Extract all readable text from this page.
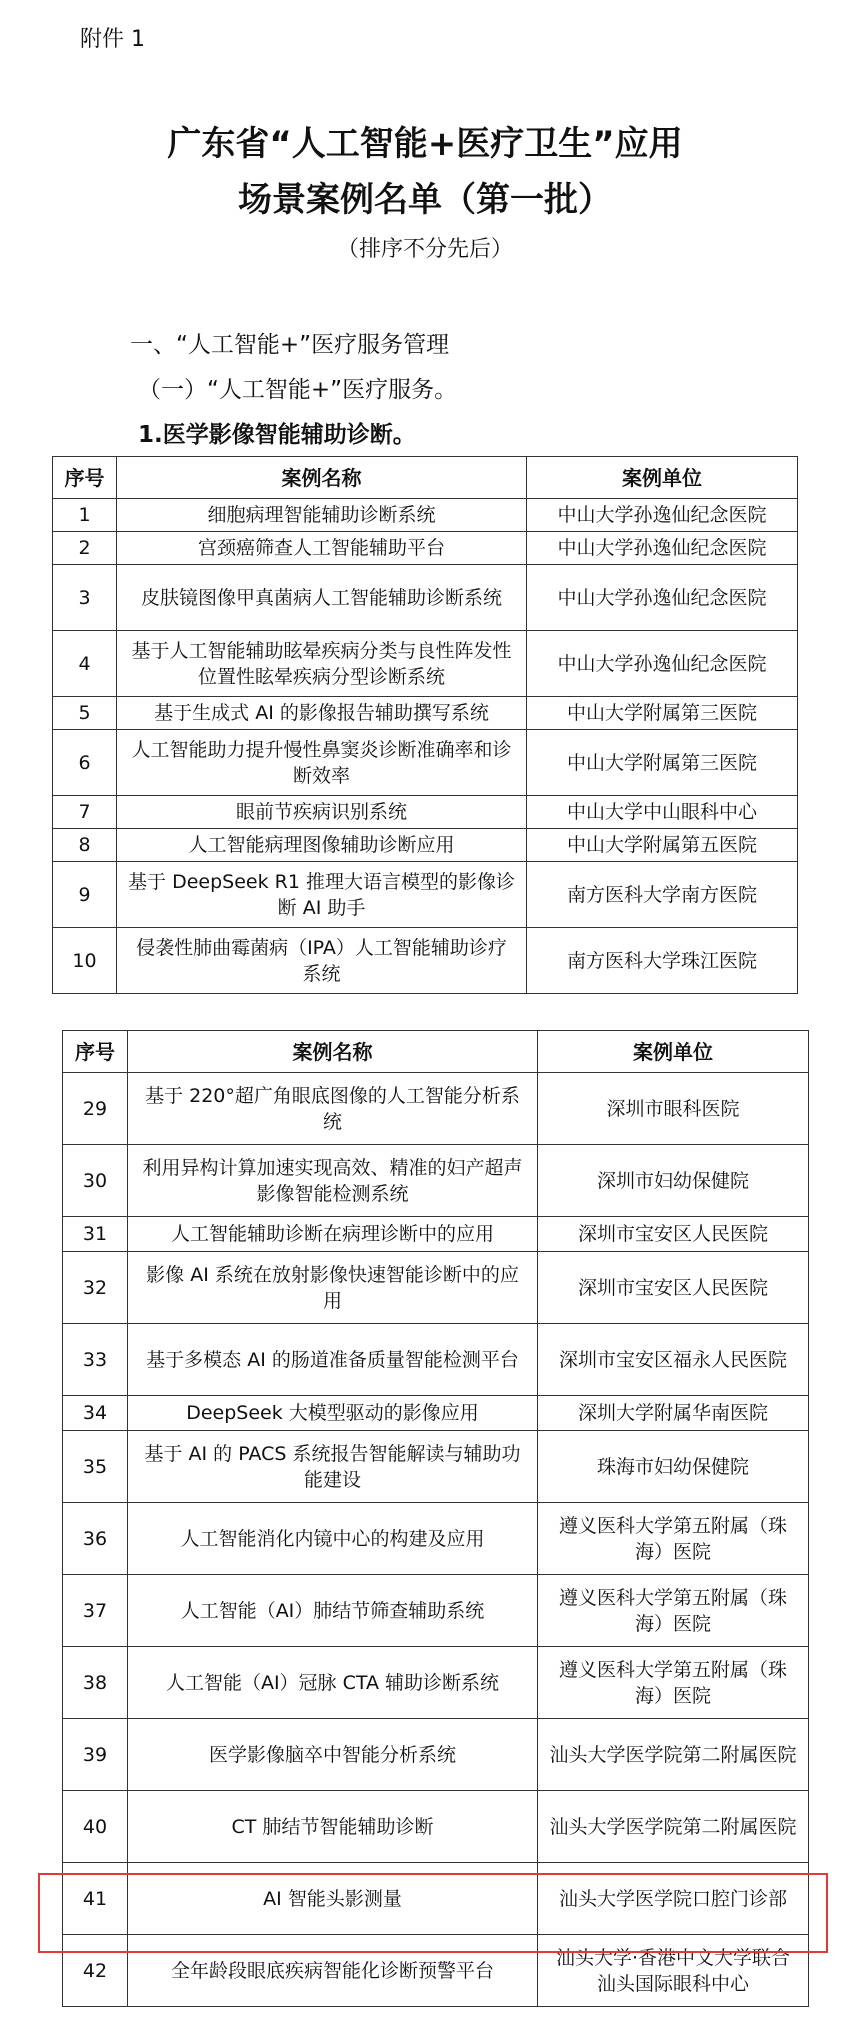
附件 1
广东省“人工智能+医疗卫生”应用
场景案例名单（第一批）
（排序不分先后）
一、“人工智能+”医疗服务管理
（一）“人工智能+”医疗服务。
1.医学影像智能辅助诊断。
序号	案例名称	案例单位
1	细胞病理智能辅助诊断系统	中山大学孙逸仙纪念医院
2	宫颈癌筛查人工智能辅助平台	中山大学孙逸仙纪念医院
3	皮肤镜图像甲真菌病人工智能辅助诊断系统	中山大学孙逸仙纪念医院
4	基于人工智能辅助眩晕疾病分类与良性阵发性位置性眩晕疾病分型诊断系统	中山大学孙逸仙纪念医院
5	基于生成式 AI 的影像报告辅助撰写系统	中山大学附属第三医院
6	人工智能助力提升慢性鼻窦炎诊断准确率和诊断效率	中山大学附属第三医院
7	眼前节疾病识别系统	中山大学中山眼科中心
8	人工智能病理图像辅助诊断应用	中山大学附属第五医院
9	基于 DeepSeek R1 推理大语言模型的影像诊断 AI 助手	南方医科大学南方医院
10	侵袭性肺曲霉菌病（IPA）人工智能辅助诊疗系统	南方医科大学珠江医院
序号	案例名称	案例单位
29	基于 220°超广角眼底图像的人工智能分析系统	深圳市眼科医院
30	利用异构计算加速实现高效、精准的妇产超声影像智能检测系统	深圳市妇幼保健院
31	人工智能辅助诊断在病理诊断中的应用	深圳市宝安区人民医院
32	影像 AI 系统在放射影像快速智能诊断中的应用	深圳市宝安区人民医院
33	基于多模态 AI 的肠道准备质量智能检测平台	深圳市宝安区福永人民医院
34	DeepSeek 大模型驱动的影像应用	深圳大学附属华南医院
35	基于 AI 的 PACS 系统报告智能解读与辅助功能建设	珠海市妇幼保健院
36	人工智能消化内镜中心的构建及应用	遵义医科大学第五附属（珠海）医院
37	人工智能（AI）肺结节筛查辅助系统	遵义医科大学第五附属（珠海）医院
38	人工智能（AI）冠脉 CTA 辅助诊断系统	遵义医科大学第五附属（珠海）医院
39	医学影像脑卒中智能分析系统	汕头大学医学院第二附属医院
40	CT 肺结节智能辅助诊断	汕头大学医学院第二附属医院
41	AI 智能头影测量	汕头大学医学院口腔门诊部
42	全年龄段眼底疾病智能化诊断预警平台	汕头大学·香港中文大学联合汕头国际眼科中心
